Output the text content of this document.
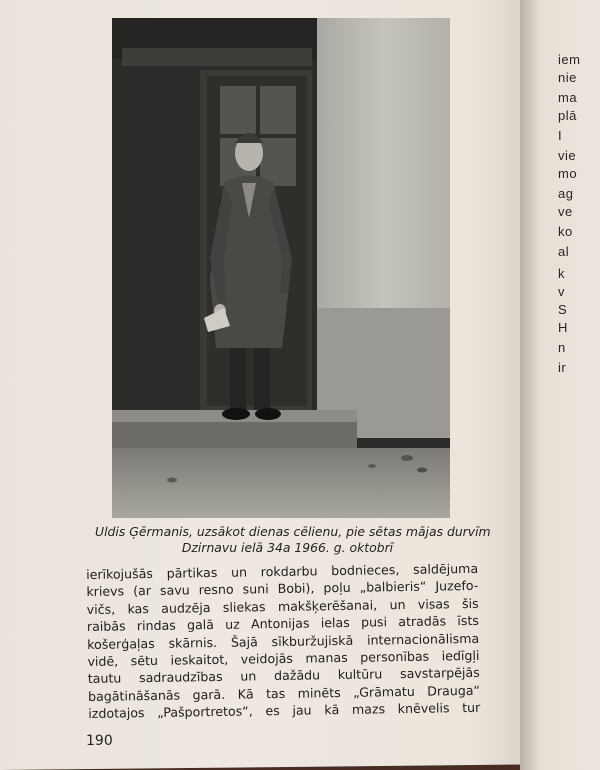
iem
nie
ma
plā
I
vie
mo
ag
ve
ko
al
k
v
S
H
n
ir
Uldis Ģērmanis, uzsākot dienas cēlienu, pie sētas mājas durvīm
Dzirnavu ielā 34a 1966. g. oktobrī
ierīkojušās pārtikas un rokdarbu bodnieces, saldējuma
krievs (ar savu resno suni Bobi), poļu „balbieris“ Juzefo-
vičs, kas audzēja sliekas makšķerēšanai, un visas šis
raibās rindas galā uz Antonijas ielas pusi atradās īsts
košerģaļas skārnis. Šajā sīkburžujiskā internacionālisma
vidē, sētu ieskaitot, veidojās manas personības iedīgļi
tautu sadraudzības un dažādu kultūru savstarpējās
bagātināšanās garā. Kā tas minēts „Grāmatu Drauga“
izdotajos „Pašportretos“, es jau kā mazs knēvelis tur
190
